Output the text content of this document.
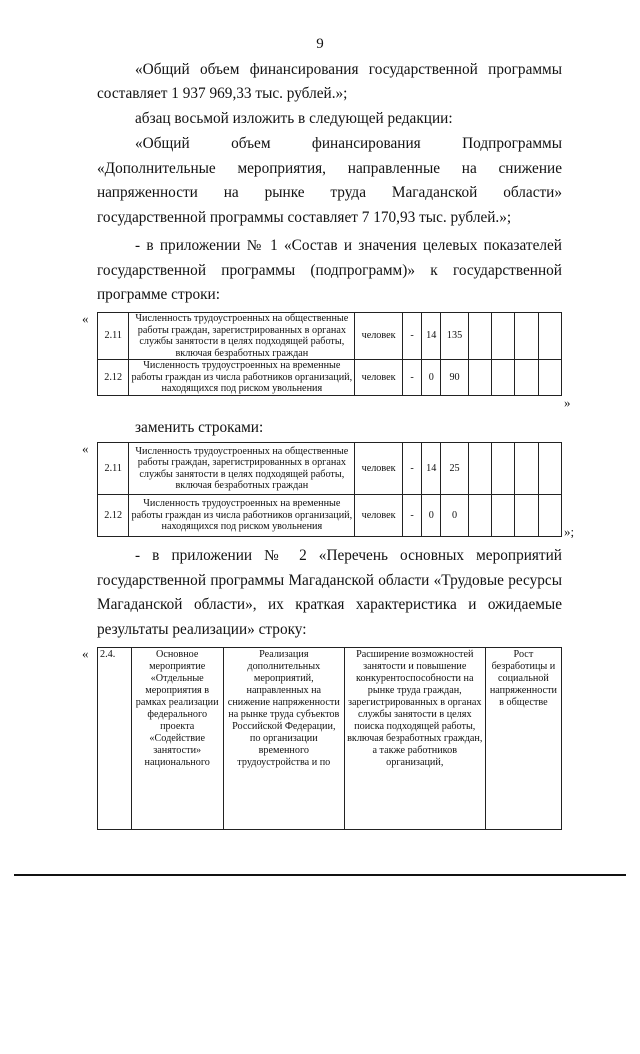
9
«Общий объем финансирования государственной программы
составляет 1 937 969,33 тыс. рублей.»;
абзац восьмой изложить в следующей редакции:
«Общий объем финансирования Подпрограммы «Дополнительные мероприятия, направленные на снижение напряженности на рынке труда Магаданской области» государственной программы составляет 7 170,93 тыс. рублей.»;
- в приложении № 1 «Состав и значения целевых показателей государственной программы (подпрограмм)» к государственной программе строки:
«
2.11	Численность трудоустроенных на общественные работы граждан, зарегистрированных в органах службы занятости в целях подходящей работы, включая безработных граждан	человек	-	14	135				
2.12	Численность трудоустроенных на временные работы граждан из числа работников организаций, находящихся под риском увольнения	человек	-	0	90				
»
заменить строками:
«
2.11	Численность трудоустроенных на общественные работы граждан, зарегистрированных в органах службы занятости в целях подходящей работы, включая безработных граждан	человек	-	14	25				
2.12	Численность трудоустроенных на временные работы граждан из числа работников организаций, находящихся под риском увольнения	человек	-	0	0				
»;
- в приложении № 2 «Перечень основных мероприятий государственной программы Магаданской области «Трудовые ресурсы Магаданской области», их краткая характеристика и ожидаемые результаты реализации» строку:
« 2.4.	Основное мероприятие «Отдельные мероприятия в рамках реализации федерального проекта «Содействие занятости» национального	Реализация дополнительных мероприятий, направленных на снижение напряженности на рынке труда субъектов Российской Федерации, по организации временного трудоустройства и по	Расширение возможностей занятости и повышение конкурентоспособности на рынке труда граждан, зарегистрированных в органах службы занятости в целях поиска подходящей работы, включая безработных граждан, а также работников организаций,	Рост безработицы и социальной напряженности в обществе
